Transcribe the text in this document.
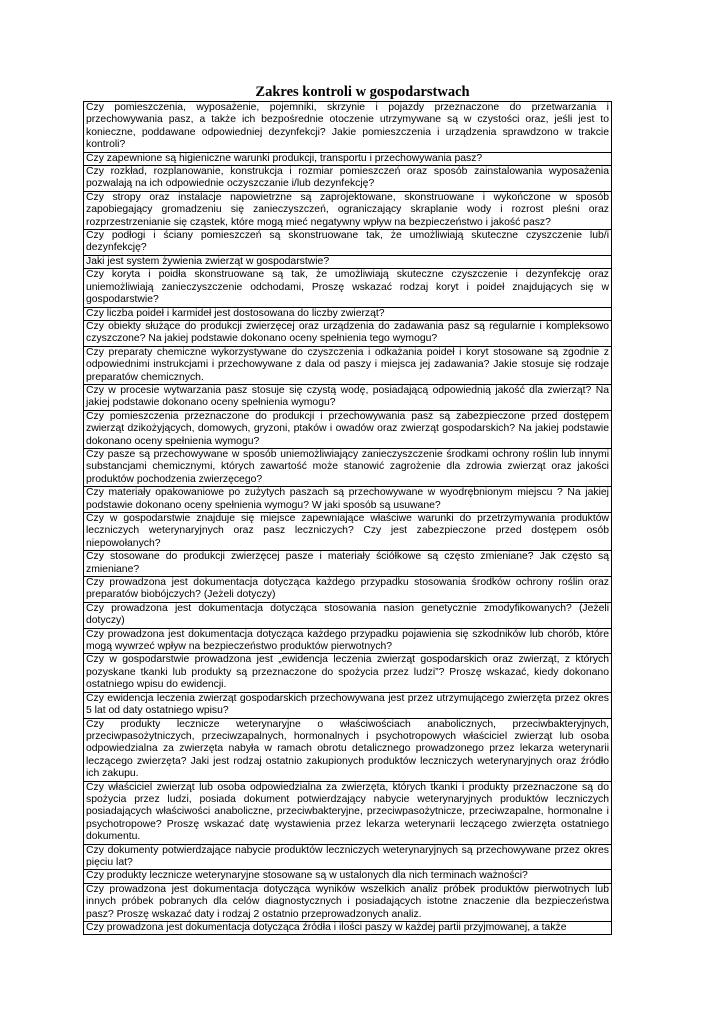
Zakres kontroli w gospodarstwach
Czy pomieszczenia, wyposażenie, pojemniki, skrzynie i pojazdy przeznaczone do przetwarzania i przechowywania pasz, a także ich bezpośrednie otoczenie utrzymywane są w czystości oraz, jeśli jest to konieczne, poddawane odpowiedniej dezynfekcji? Jakie pomieszczenia i urządzenia sprawdzono w trakcie kontroli?
Czy zapewnione są higieniczne warunki produkcji, transportu i przechowywania pasz?
Czy rozkład, rozplanowanie, konstrukcja i rozmiar pomieszczeń oraz sposób zainstalowania wyposażenia pozwalają na ich odpowiednie oczyszczanie i/lub dezynfekcję?
Czy stropy oraz instalacje napowietrzne są zaprojektowane, skonstruowane i wykończone w sposób zapobiegający gromadzeniu się zanieczyszczeń, ograniczający skraplanie wody i rozrost pleśni oraz rozprzestrzenianie się cząstek, które mogą mieć negatywny wpływ na bezpieczeństwo i jakość pasz?
Czy podłogi i ściany pomieszczeń są skonstruowane tak, że umożliwiają skuteczne czyszczenie lub/i dezynfekcję?
Jaki jest system żywienia zwierząt w gospodarstwie?
Czy koryta i poidła skonstruowane są tak, że umożliwiają skuteczne czyszczenie i dezynfekcję oraz uniemożliwiają zanieczyszczenie odchodami, Proszę wskazać rodzaj koryt i poideł znajdujących się w gospodarstwie?
Czy liczba poideł i karmideł jest dostosowana do liczby zwierząt?
Czy obiekty służące do produkcji zwierzęcej oraz urządzenia do zadawania pasz są regularnie i kompleksowo czyszczone? Na jakiej podstawie dokonano oceny spełnienia tego wymogu?
Czy preparaty chemiczne wykorzystywane do czyszczenia i odkażania poideł i koryt stosowane są zgodnie z odpowiednimi instrukcjami i przechowywane z dala od paszy i miejsca jej zadawania? Jakie stosuje się rodzaje preparatów chemicznych.
Czy w procesie wytwarzania pasz stosuje się czystą wodę, posiadającą odpowiednią jakość dla zwierząt? Na jakiej podstawie dokonano oceny spełnienia wymogu?
Czy pomieszczenia przeznaczone do produkcji i przechowywania pasz są zabezpieczone przed dostępem zwierząt dzikożyjących, domowych, gryzoni, ptaków i owadów oraz zwierząt gospodarskich? Na jakiej podstawie dokonano oceny spełnienia wymogu?
Czy pasze są przechowywane w sposób uniemożliwiający zanieczyszczenie środkami ochrony roślin lub innymi substancjami chemicznymi, których zawartość może stanowić zagrożenie dla zdrowia zwierząt oraz jakości produktów pochodzenia zwierzęcego?
Czy materiały opakowaniowe po zużytych paszach są przechowywane w wyodrębnionym miejscu ? Na jakiej podstawie dokonano oceny spełnienia wymogu? W jaki sposób są usuwane?
Czy w gospodarstwie znajduje się miejsce zapewniające właściwe warunki do przetrzymywania produktów leczniczych weterynaryjnych oraz pasz leczniczych? Czy jest zabezpieczone przed dostępem osób niepowołanych?
Czy stosowane do produkcji zwierzęcej pasze i materiały ściółkowe są często zmieniane? Jak często są zmieniane?
Czy prowadzona jest dokumentacja dotycząca każdego przypadku stosowania środków ochrony roślin oraz preparatów biobójczych? (Jeżeli dotyczy)
Czy prowadzona jest dokumentacja dotycząca stosowania nasion genetycznie zmodyfikowanych? (Jeżeli dotyczy)
Czy prowadzona jest dokumentacja dotycząca każdego przypadku pojawienia się szkodników lub chorób, które mogą wywrzeć wpływ na bezpieczeństwo produktów pierwotnych?
Czy w gospodarstwie prowadzona jest „ewidencja leczenia zwierząt gospodarskich oraz zwierząt, z których pozyskane tkanki lub produkty są przeznaczone do spożycia przez ludzi”? Proszę wskazać, kiedy dokonano ostatniego wpisu do ewidencji.
Czy ewidencja leczenia zwierząt gospodarskich przechowywana jest przez utrzymującego zwierzęta przez okres 5 lat od daty ostatniego wpisu?
Czy produkty lecznicze weterynaryjne o właściwościach anabolicznych, przeciwbakteryjnych, przeciwpasożytniczych, przeciwzapalnych, hormonalnych i psychotropowych właściciel zwierząt lub osoba odpowiedzialna za zwierzęta nabyła w ramach obrotu detalicznego prowadzonego przez lekarza weterynarii leczącego zwierzęta? Jaki jest rodzaj ostatnio zakupionych produktów leczniczych weterynaryjnych oraz źródło ich zakupu.
Czy właściciel zwierząt lub osoba odpowiedzialna za zwierzęta, których tkanki i produkty przeznaczone są do spożycia przez ludzi, posiada dokument potwierdzający nabycie weterynaryjnych produktów leczniczych posiadających właściwości anaboliczne, przeciwbakteryjne, przeciwpasożytnicze, przeciwzapalne, hormonalne i psychotropowe? Proszę wskazać datę wystawienia przez lekarza weterynarii leczącego zwierzęta ostatniego dokumentu.
Czy dokumenty potwierdzające nabycie produktów leczniczych weterynaryjnych są przechowywane przez okres pięciu lat?
Czy produkty lecznicze weterynaryjne stosowane są w ustalonych dla nich terminach ważności?
Czy prowadzona jest dokumentacja dotycząca wyników wszelkich analiz próbek produktów pierwotnych lub innych próbek pobranych dla celów diagnostycznych i posiadających istotne znaczenie dla bezpieczeństwa pasz? Proszę wskazać daty i rodzaj 2 ostatnio przeprowadzonych analiz.
Czy prowadzona jest dokumentacja dotycząca źródła i ilości paszy w każdej partii przyjmowanej, a także
